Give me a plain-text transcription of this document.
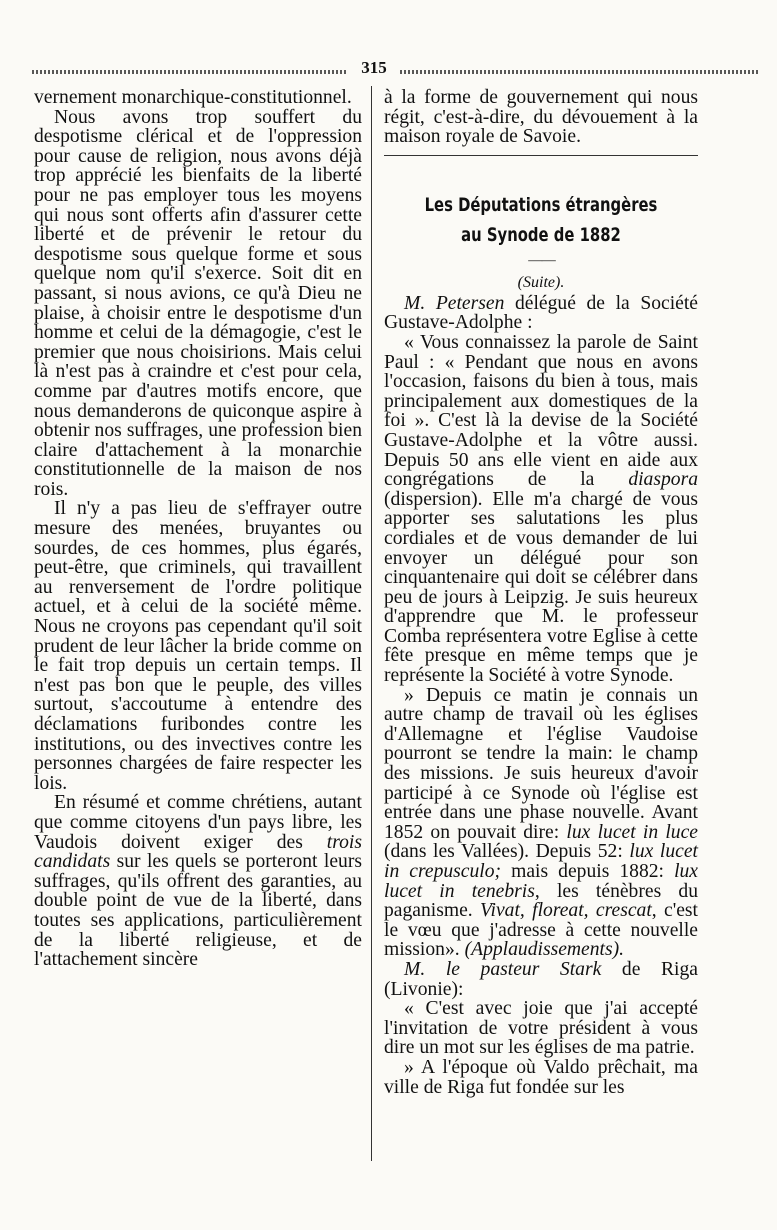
315

vernement monarchique-constitutionnel.

Nous avons trop souffert du despotisme clérical et de l'oppression pour cause de religion, nous avons déjà trop apprécié les bienfaits de la liberté pour ne pas employer tous les moyens qui nous sont offerts afin d'assurer cette liberté et de prévenir le retour du despotisme sous quelque forme et sous quelque nom qu'il s'exerce. Soit dit en passant, si nous avions, ce qu'à Dieu ne plaise, à choisir entre le despotisme d'un homme et celui de la démagogie, c'est le premier que nous choisirions. Mais celui là n'est pas à craindre et c'est pour cela, comme par d'autres motifs encore, que nous demanderons de quiconque aspire à obtenir nos suffrages, une profession bien claire d'attachement à la monarchie constitutionnelle de la maison de nos rois.

Il n'y a pas lieu de s'effrayer outre mesure des menées, bruyantes ou sourdes, de ces hommes, plus égarés, peut-être, que criminels, qui travaillent au renversement de l'ordre politique actuel, et à celui de la société même. Nous ne croyons pas cependant qu'il soit prudent de leur lâcher la bride comme on le fait trop depuis un certain temps. Il n'est pas bon que le peuple, des villes surtout, s'accoutume à entendre des déclamations furibondes contre les institutions, ou des invectives contre les personnes chargées de faire respecter les lois.

En résumé et comme chrétiens, autant que comme citoyens d'un pays libre, les Vaudois doivent exiger des trois candidats sur les quels se porteront leurs suffrages, qu'ils offrent des garanties, au double point de vue de la liberté, dans toutes ses applications, particulièrement de la liberté religieuse, et de l'attachement sincère

à la forme de gouvernement qui nous régit, c'est-à-dire, du dévouement à la maison royale de Savoie.

Les Députations étrangères
au Synode de 1882
— —
(Suite).

M. Petersen délégué de la Société Gustave-Adolphe :

« Vous connaissez la parole de Saint Paul : « Pendant que nous en avons l'occasion, faisons du bien à tous, mais principalement aux domestiques de la foi ». C'est là la devise de la Société Gustave-Adolphe et la vôtre aussi. Depuis 50 ans elle vient en aide aux congrégations de la diaspora (dispersion). Elle m'a chargé de vous apporter ses salutations les plus cordiales et de vous demander de lui envoyer un délégué pour son cinquantenaire qui doit se célébrer dans peu de jours à Leipzig. Je suis heureux d'apprendre que M. le professeur Comba représentera votre Eglise à cette fête presque en même temps que je représente la Société à votre Synode.

» Depuis ce matin je connais un autre champ de travail où les églises d'Allemagne et l'église Vaudoise pourront se tendre la main: le champ des missions. Je suis heureux d'avoir participé à ce Synode où l'église est entrée dans une phase nouvelle. Avant 1852 on pouvait dire: lux lucet in luce (dans les Vallées). Depuis 52: lux lucet in crepusculo; mais depuis 1882: lux lucet in tenebris, les ténèbres du paganisme. Vivat, floreat, crescat, c'est le vœu que j'adresse à cette nouvelle mission». (Applaudissements).

M. le pasteur Stark de Riga (Livonie):

« C'est avec joie que j'ai accepté l'invitation de votre président à vous dire un mot sur les églises de ma patrie.

» A l'époque où Valdo prêchait, ma ville de Riga fut fondée sur les
